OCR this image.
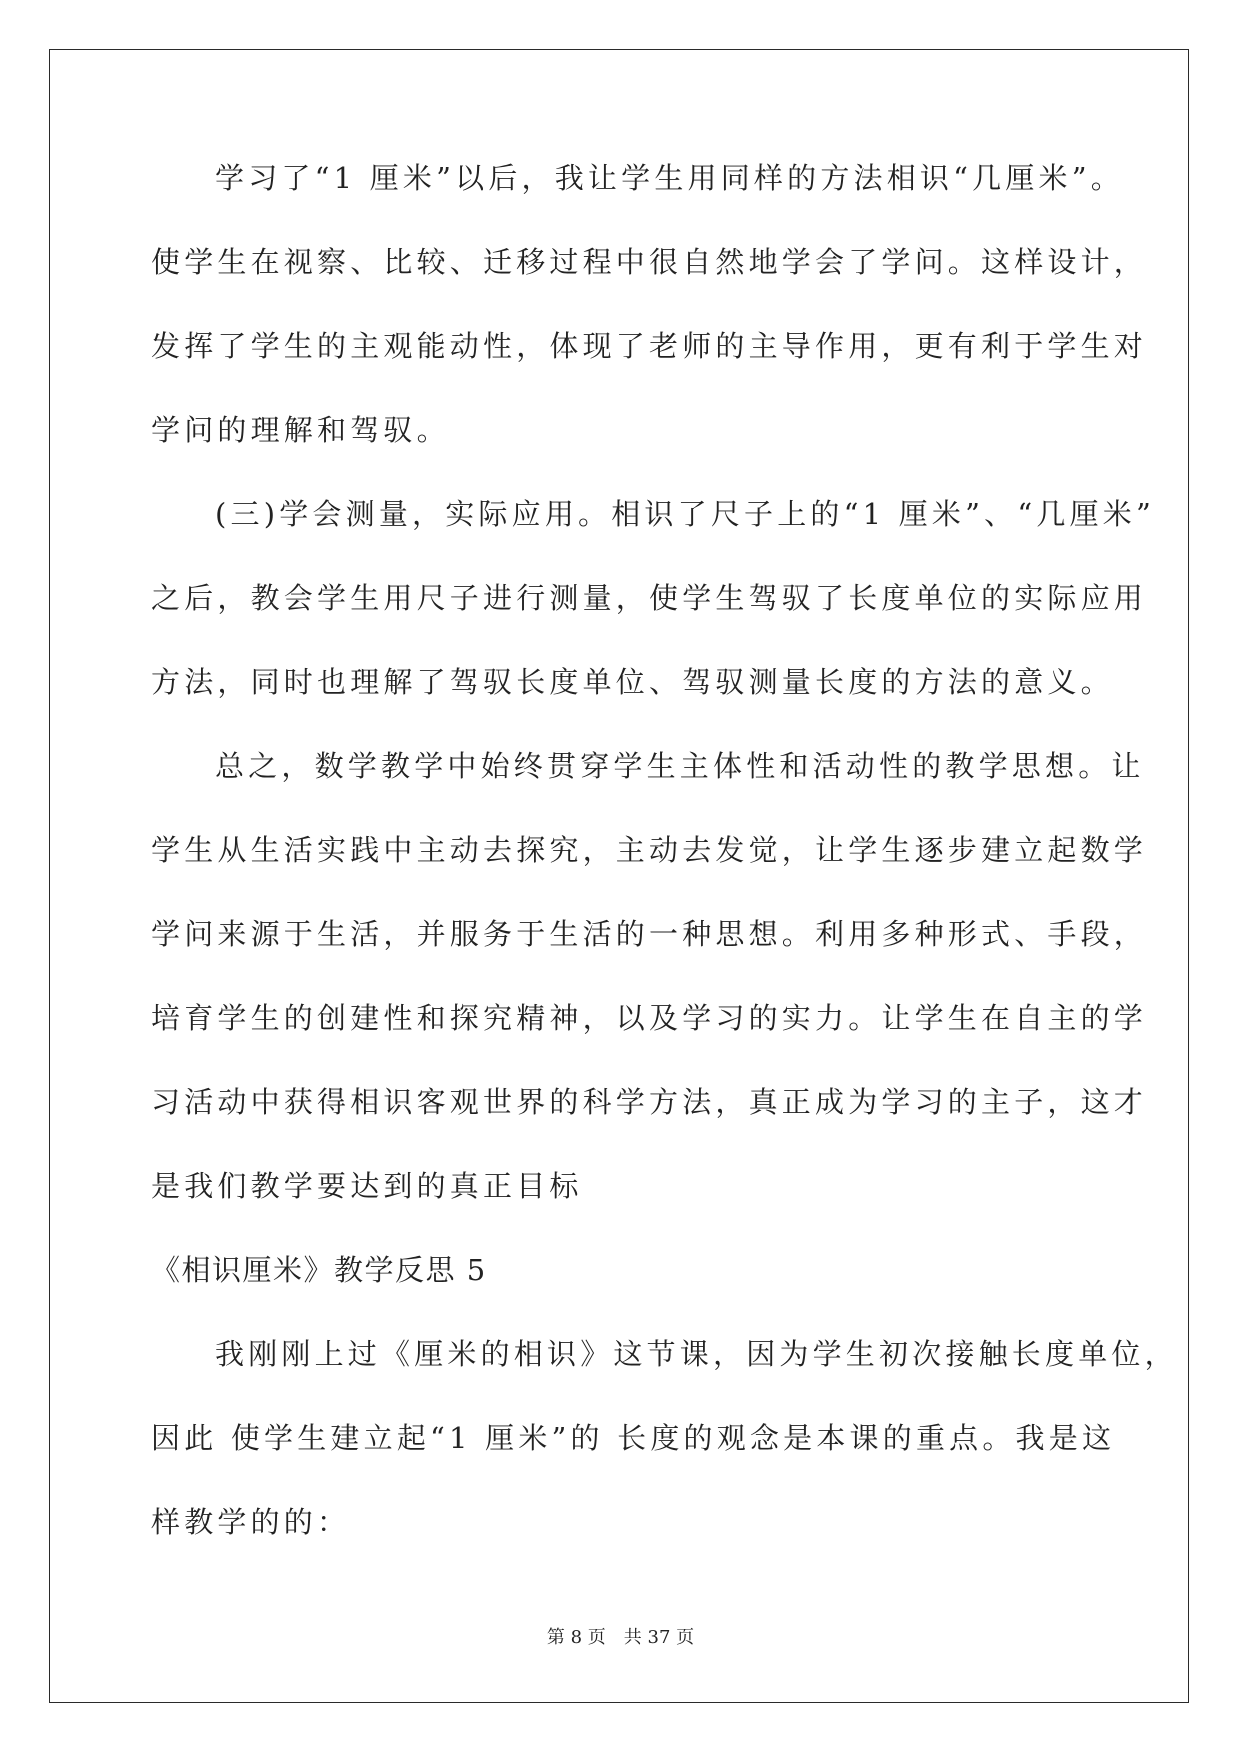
学习了“1 厘米”以后，我让学生用同样的方法相识“几厘米”。

使学生在视察、比较、迁移过程中很自然地学会了学问。这样设计，

发挥了学生的主观能动性，体现了老师的主导作用，更有利于学生对

学问的理解和驾驭。

(三)学会测量，实际应用。相识了尺子上的“1 厘米”、“几厘米”

之后，教会学生用尺子进行测量，使学生驾驭了长度单位的实际应用

方法，同时也理解了驾驭长度单位、驾驭测量长度的方法的意义。

总之，数学教学中始终贯穿学生主体性和活动性的教学思想。让

学生从生活实践中主动去探究，主动去发觉，让学生逐步建立起数学

学问来源于生活，并服务于生活的一种思想。利用多种形式、手段，

培育学生的创建性和探究精神，以及学习的实力。让学生在自主的学

习活动中获得相识客观世界的科学方法，真正成为学习的主子，这才

是我们教学要达到的真正目标

《相识厘米》教学反思 5

我刚刚上过《厘米的相识》这节课，因为学生初次接触长度单位，

因此 使学生建立起“1 厘米”的 长度的观念是本课的重点。我是这

样教学的的：

第 8 页 共 37 页
